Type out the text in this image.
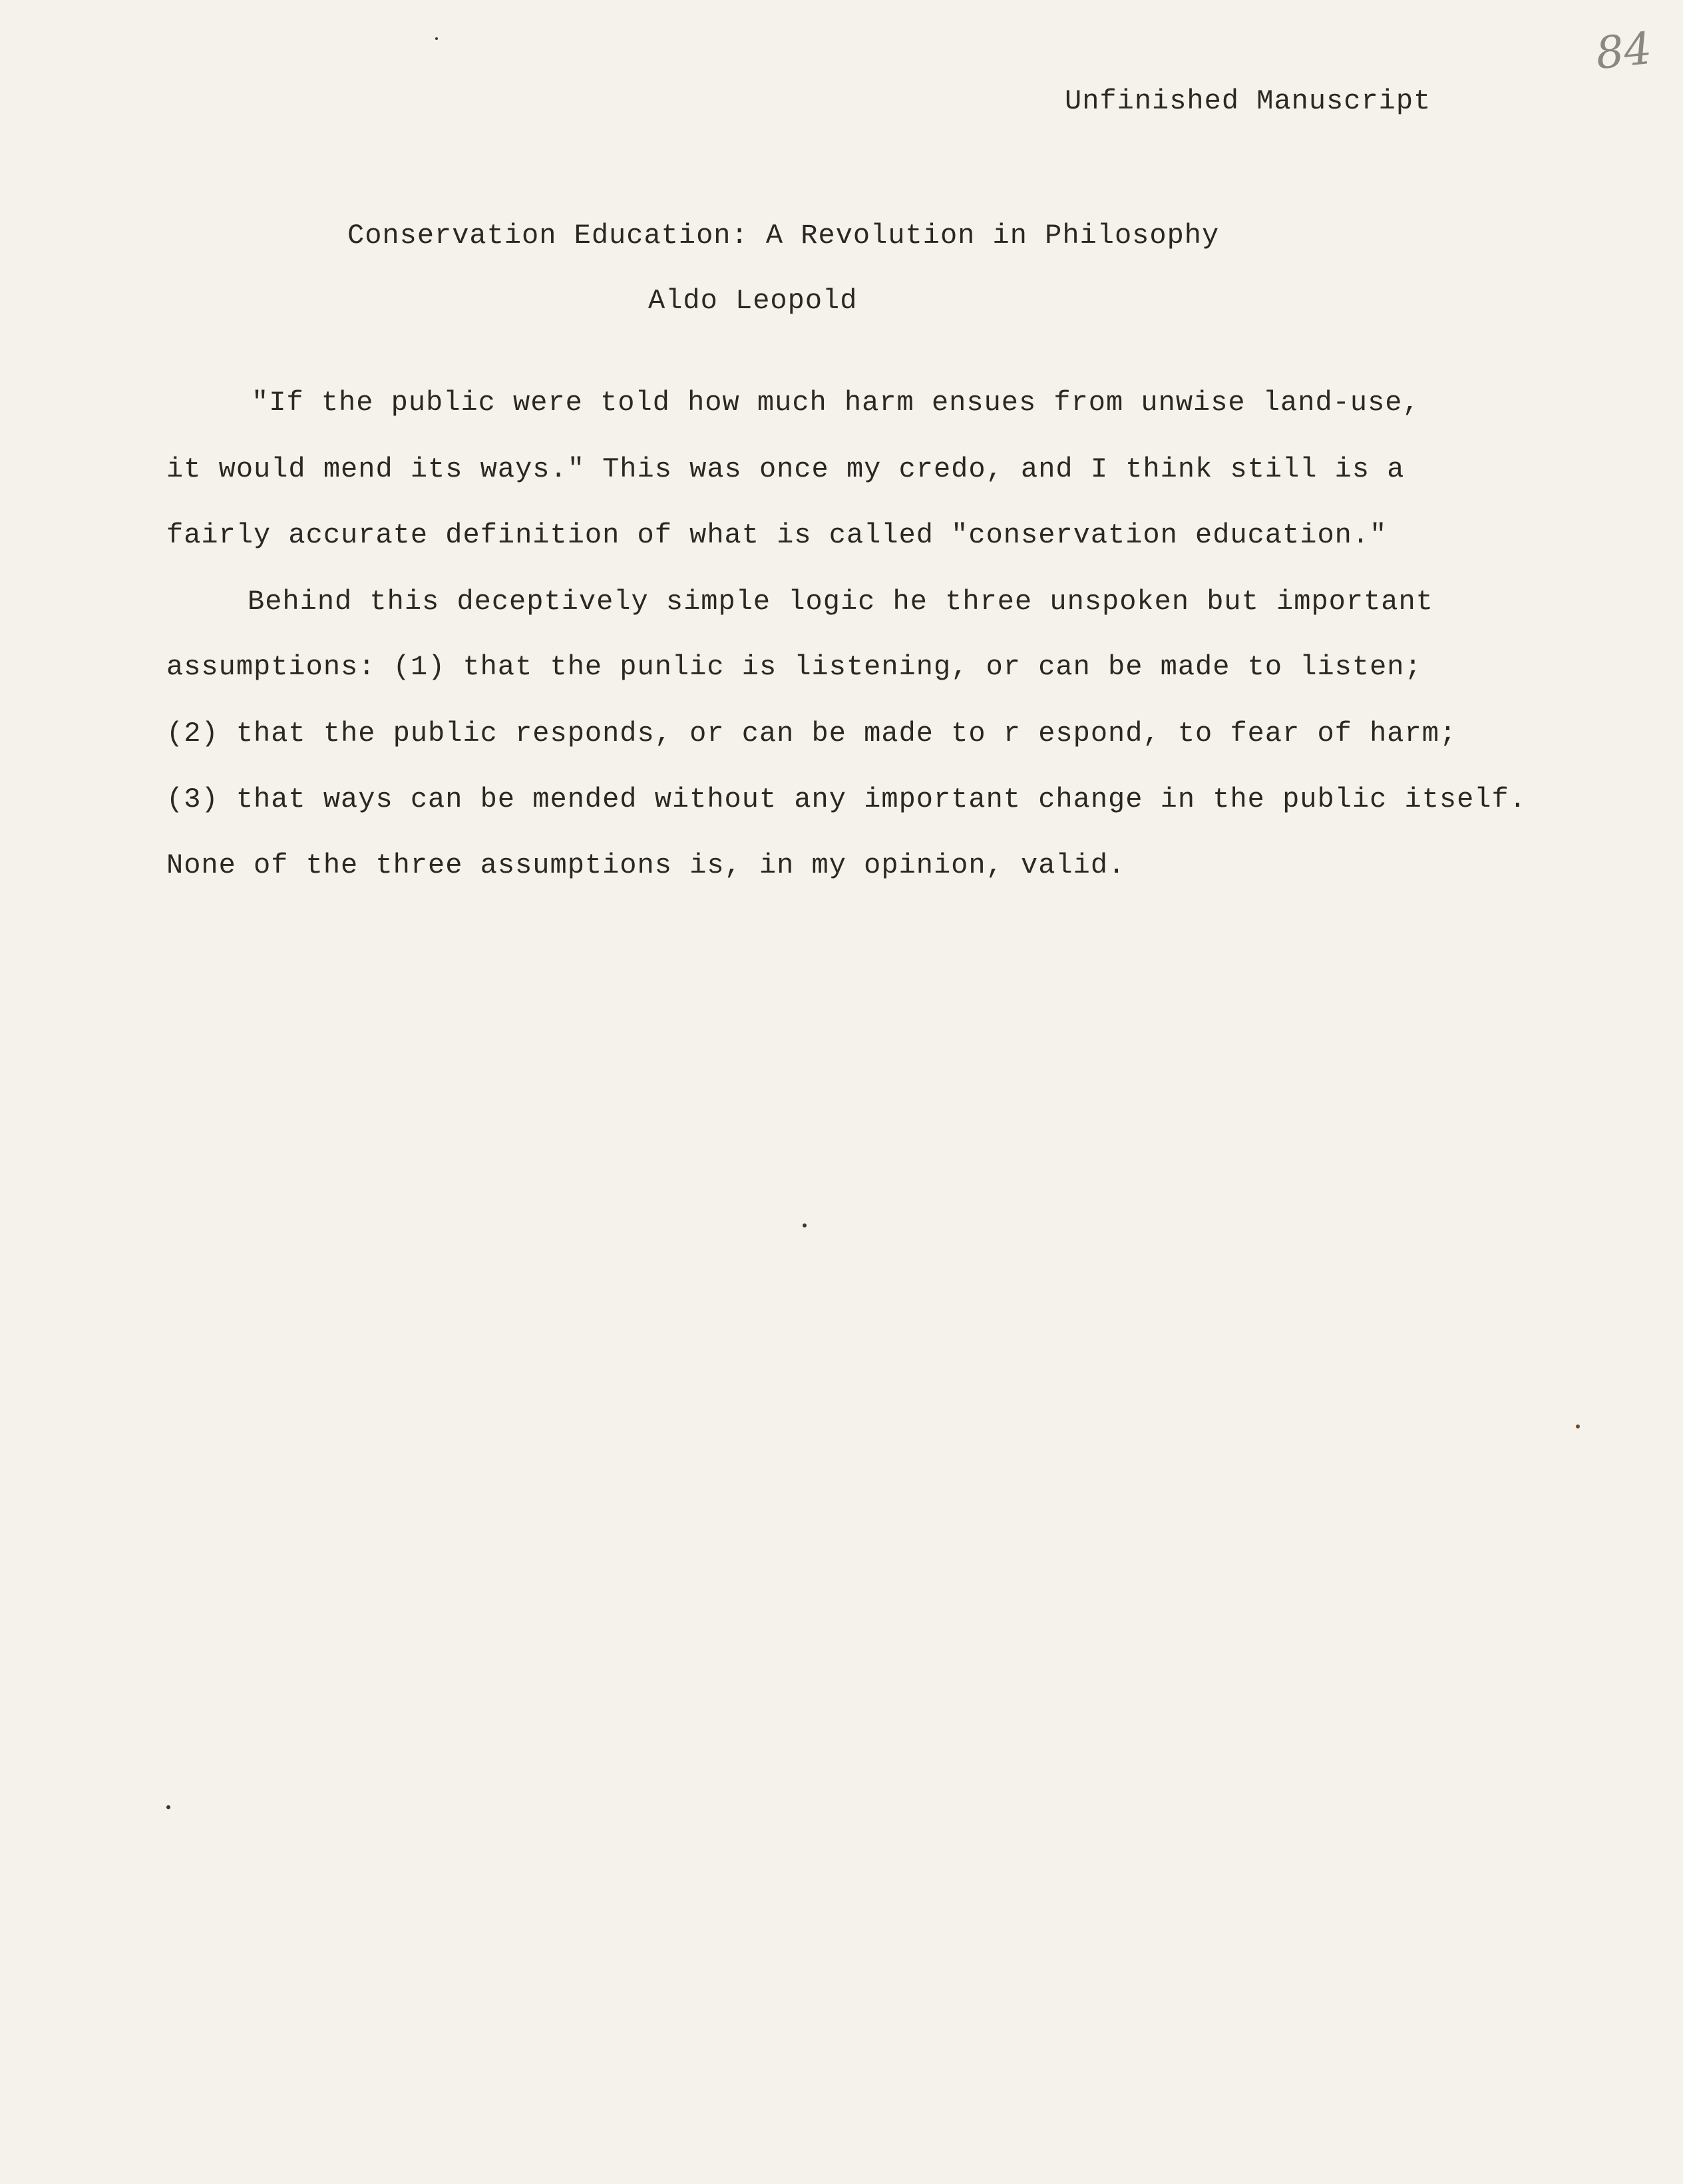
84
Unfinished Manuscript
Conservation Education: A Revolution in Philosophy
Aldo Leopold
"If the public were told how much harm ensues from unwise land-use,
it would mend its ways." This was once my credo, and I think still is a
fairly accurate definition of what is called "conservation education."
Behind this deceptively simple logic he three unspoken but important
assumptions: (1) that the punlic is listening, or can be made to listen;
(2) that the public responds, or can be made to r espond, to fear of harm;
(3) that ways can be mended without any important change in the public itself.
None of the three assumptions is, in my opinion, valid.
